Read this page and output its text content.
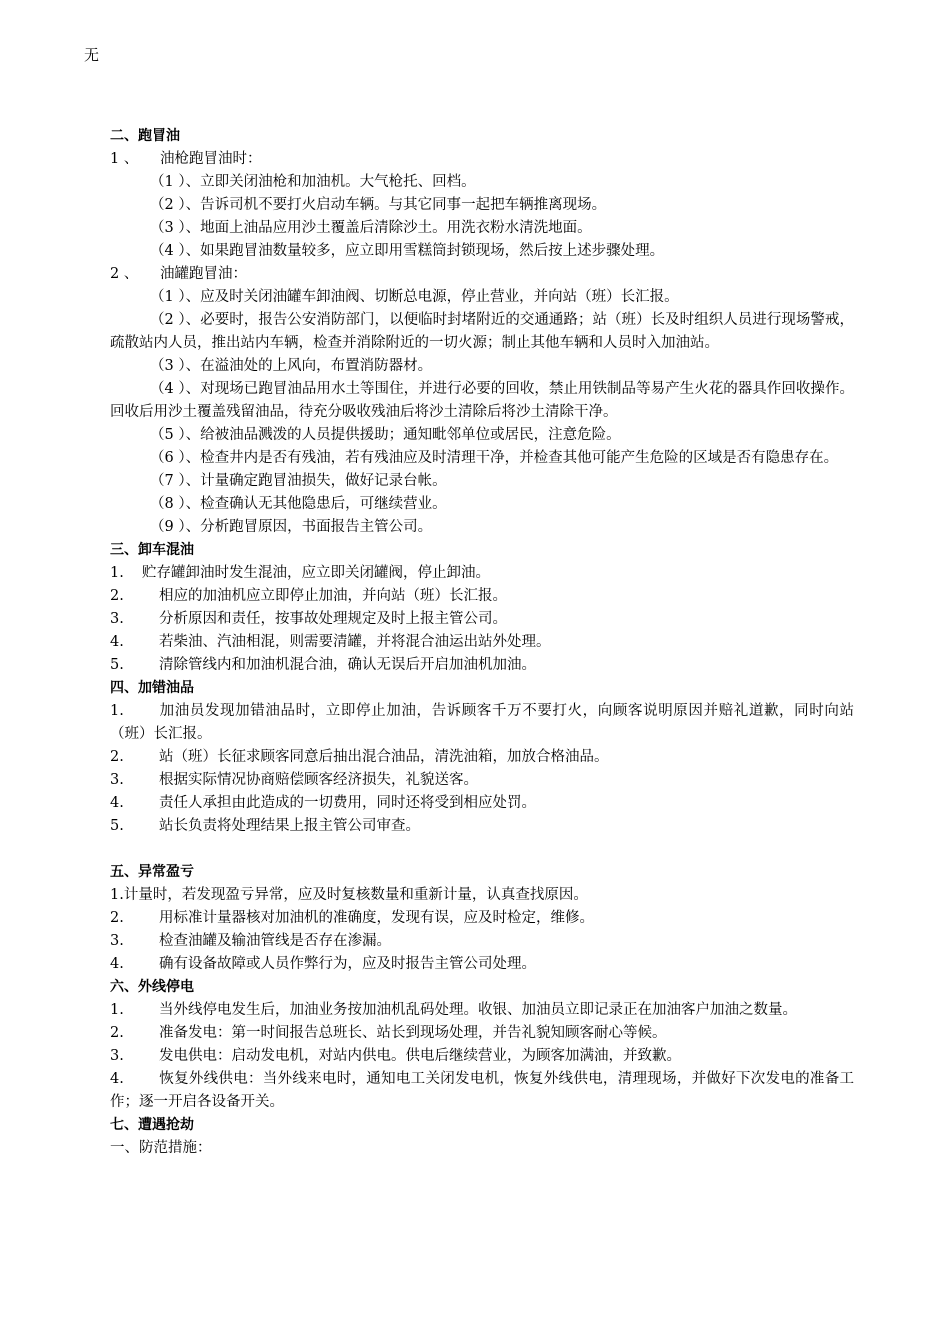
无
二、跑冒油
1 、 油枪跑冒油时：
（1 ）、立即关闭油枪和加油机。大气枪托、回档。
（2 ）、告诉司机不要打火启动车辆。与其它同事一起把车辆推离现场。
（3 ）、地面上油品应用沙土覆盖后清除沙土。用洗衣粉水清洗地面。
（4 ）、如果跑冒油数量较多，应立即用雪糕筒封锁现场，然后按上述步骤处理。
2 、 油罐跑冒油：
（1 ）、应及时关闭油罐车卸油阀、切断总电源，停止营业，并向站（班）长汇报。
（2 ）、必要时，报告公安消防部门，以便临时封堵附近的交通通路；站（班）长及时组织人员进行现场警戒，疏散站内人员，推出站内车辆，检查并消除附近的一切火源；制止其他车辆和人员时入加油站。
（3 ）、在溢油处的上风向，布置消防器材。
（4 ）、对现场已跑冒油品用水土等围住，并进行必要的回收，禁止用铁制品等易产生火花的器具作回收操作。回收后用沙土覆盖残留油品，待充分吸收残油后将沙土清除后将沙土清除干净。
（5 ）、给被油品溅泼的人员提供援助；通知毗邻单位或居民，注意危险。
（6 ）、检查井内是否有残油，若有残油应及时清理干净，并检查其他可能产生危险的区域是否有隐患存在。
（7 ）、计量确定跑冒油损失，做好记录台帐。
（8 ）、检查确认无其他隐患后，可继续营业。
（9 ）、分析跑冒原因，书面报告主管公司。
三、卸车混油
1. 贮存罐卸油时发生混油，应立即关闭罐阀，停止卸油。
2. 相应的加油机应立即停止加油，并向站（班）长汇报。
3. 分析原因和责任，按事故处理规定及时上报主管公司。
4. 若柴油、汽油相混，则需要清罐，并将混合油运出站外处理。
5. 清除管线内和加油机混合油，确认无误后开启加油机加油。
四、加错油品
1. 加油员发现加错油品时，立即停止加油，告诉顾客千万不要打火，向顾客说明原因并赔礼道歉，同时向站（班）长汇报。
2. 站（班）长征求顾客同意后抽出混合油品，清洗油箱，加放合格油品。
3. 根据实际情况协商赔偿顾客经济损失，礼貌送客。
4. 责任人承担由此造成的一切费用，同时还将受到相应处罚。
5. 站长负责将处理结果上报主管公司审查。
五、异常盈亏
1.计量时，若发现盈亏异常，应及时复核数量和重新计量，认真查找原因。
2. 用标准计量器核对加油机的准确度，发现有误，应及时检定，维修。
3. 检查油罐及输油管线是否存在渗漏。
4. 确有设备故障或人员作弊行为，应及时报告主管公司处理。
六、外线停电
1. 当外线停电发生后，加油业务按加油机乱码处理。收银、加油员立即记录正在加油客户加油之数量。
2. 准备发电：第一时间报告总班长、站长到现场处理，并告礼貌知顾客耐心等候。
3. 发电供电：启动发电机，对站内供电。供电后继续营业，为顾客加满油，并致歉。
4. 恢复外线供电：当外线来电时，通知电工关闭发电机，恢复外线供电，清理现场，并做好下次发电的准备工作；逐一开启各设备开关。
七、遭遇抢劫
一、防范措施：
